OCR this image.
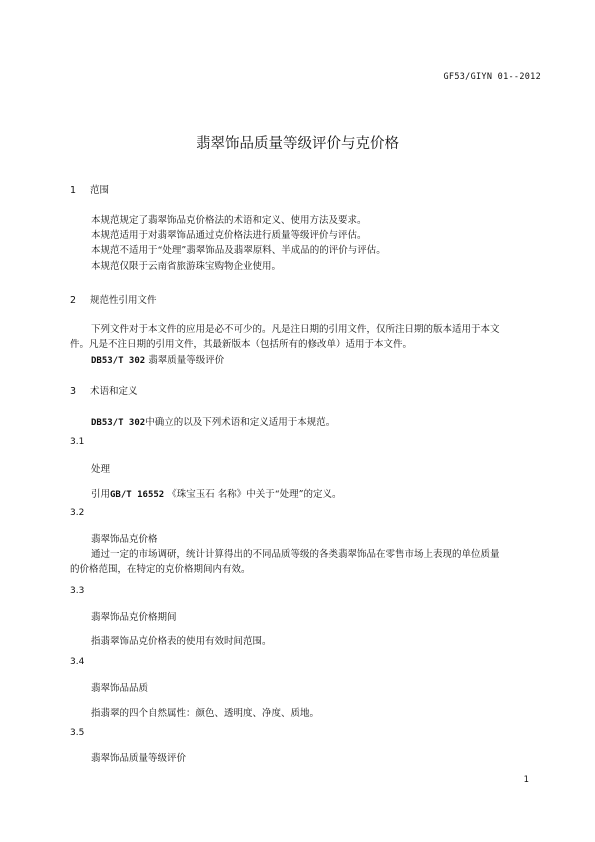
GF53/GIYN 01--2012
翡翠饰品质量等级评价与克价格
1 范围
本规范规定了翡翠饰品克价格法的术语和定义、使用方法及要求。
本规范适用于对翡翠饰品通过克价格法进行质量等级评价与评估。
本规范不适用于“处理”翡翠饰品及翡翠原料、半成品的的评价与评估。
本规范仅限于云南省旅游珠宝购物企业使用。
2 规范性引用文件
下列文件对于本文件的应用是必不可少的。凡是注日期的引用文件，仅所注日期的版本适用于本文
件。凡是不注日期的引用文件，其最新版本（包括所有的修改单）适用于本文件。
DB53/T 302 翡翠质量等级评价
3 术语和定义
DB53/T 302中确立的以及下列术语和定义适用于本规范。
3.1
处理
引用GB/T 16552 《珠宝玉石 名称》中关于“处理”的定义。
3.2
翡翠饰品克价格
通过一定的市场调研，统计计算得出的不同品质等级的各类翡翠饰品在零售市场上表现的单位质量
的价格范围，在特定的克价格期间内有效。
3.3
翡翠饰品克价格期间
指翡翠饰品克价格表的使用有效时间范围。
3.4
翡翠饰品品质
指翡翠的四个自然属性：颜色、透明度、净度、质地。
3.5
翡翠饰品质量等级评价
1
